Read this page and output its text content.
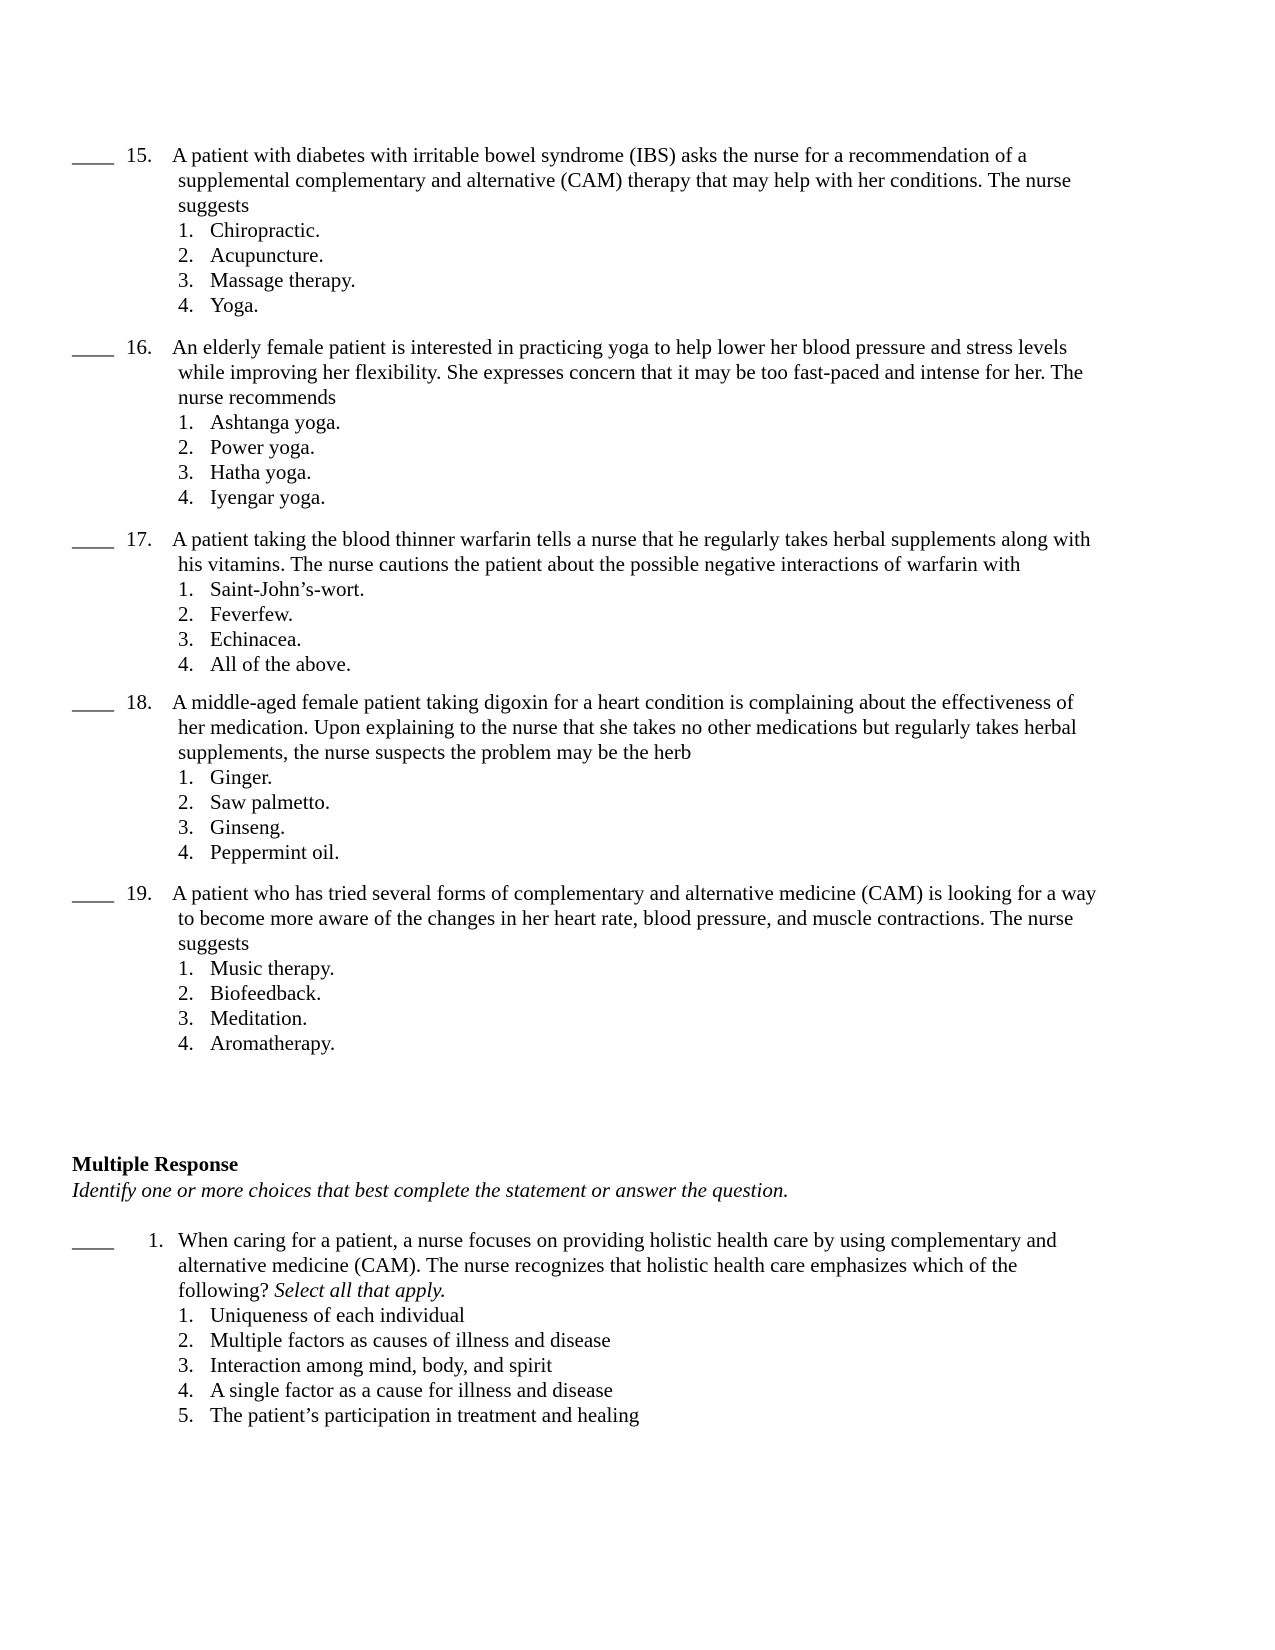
____ 15. A patient with diabetes with irritable bowel syndrome (IBS) asks the nurse for a recommendation of a
supplemental complementary and alternative (CAM) therapy that may help with her conditions. The nurse
suggests
1. Chiropractic.
2. Acupuncture.
3. Massage therapy.
4. Yoga.
____ 16. An elderly female patient is interested in practicing yoga to help lower her blood pressure and stress levels
while improving her flexibility. She expresses concern that it may be too fast-paced and intense for her. The
nurse recommends
1. Ashtanga yoga.
2. Power yoga.
3. Hatha yoga.
4. Iyengar yoga.
____ 17. A patient taking the blood thinner warfarin tells a nurse that he regularly takes herbal supplements along with
his vitamins. The nurse cautions the patient about the possible negative interactions of warfarin with
1. Saint-John’s-wort.
2. Feverfew.
3. Echinacea.
4. All of the above.
____ 18. A middle-aged female patient taking digoxin for a heart condition is complaining about the effectiveness of
her medication. Upon explaining to the nurse that she takes no other medications but regularly takes herbal
supplements, the nurse suspects the problem may be the herb
1. Ginger.
2. Saw palmetto.
3. Ginseng.
4. Peppermint oil.
____ 19. A patient who has tried several forms of complementary and alternative medicine (CAM) is looking for a way
to become more aware of the changes in her heart rate, blood pressure, and muscle contractions. The nurse
suggests
1. Music therapy.
2. Biofeedback.
3. Meditation.
4. Aromatherapy.
Multiple Response
Identify one or more choices that best complete the statement or answer the question.
____ 1. When caring for a patient, a nurse focuses on providing holistic health care by using complementary and
alternative medicine (CAM). The nurse recognizes that holistic health care emphasizes which of the
following? Select all that apply.
1. Uniqueness of each individual
2. Multiple factors as causes of illness and disease
3. Interaction among mind, body, and spirit
4. A single factor as a cause for illness and disease
5. The patient’s participation in treatment and healing
